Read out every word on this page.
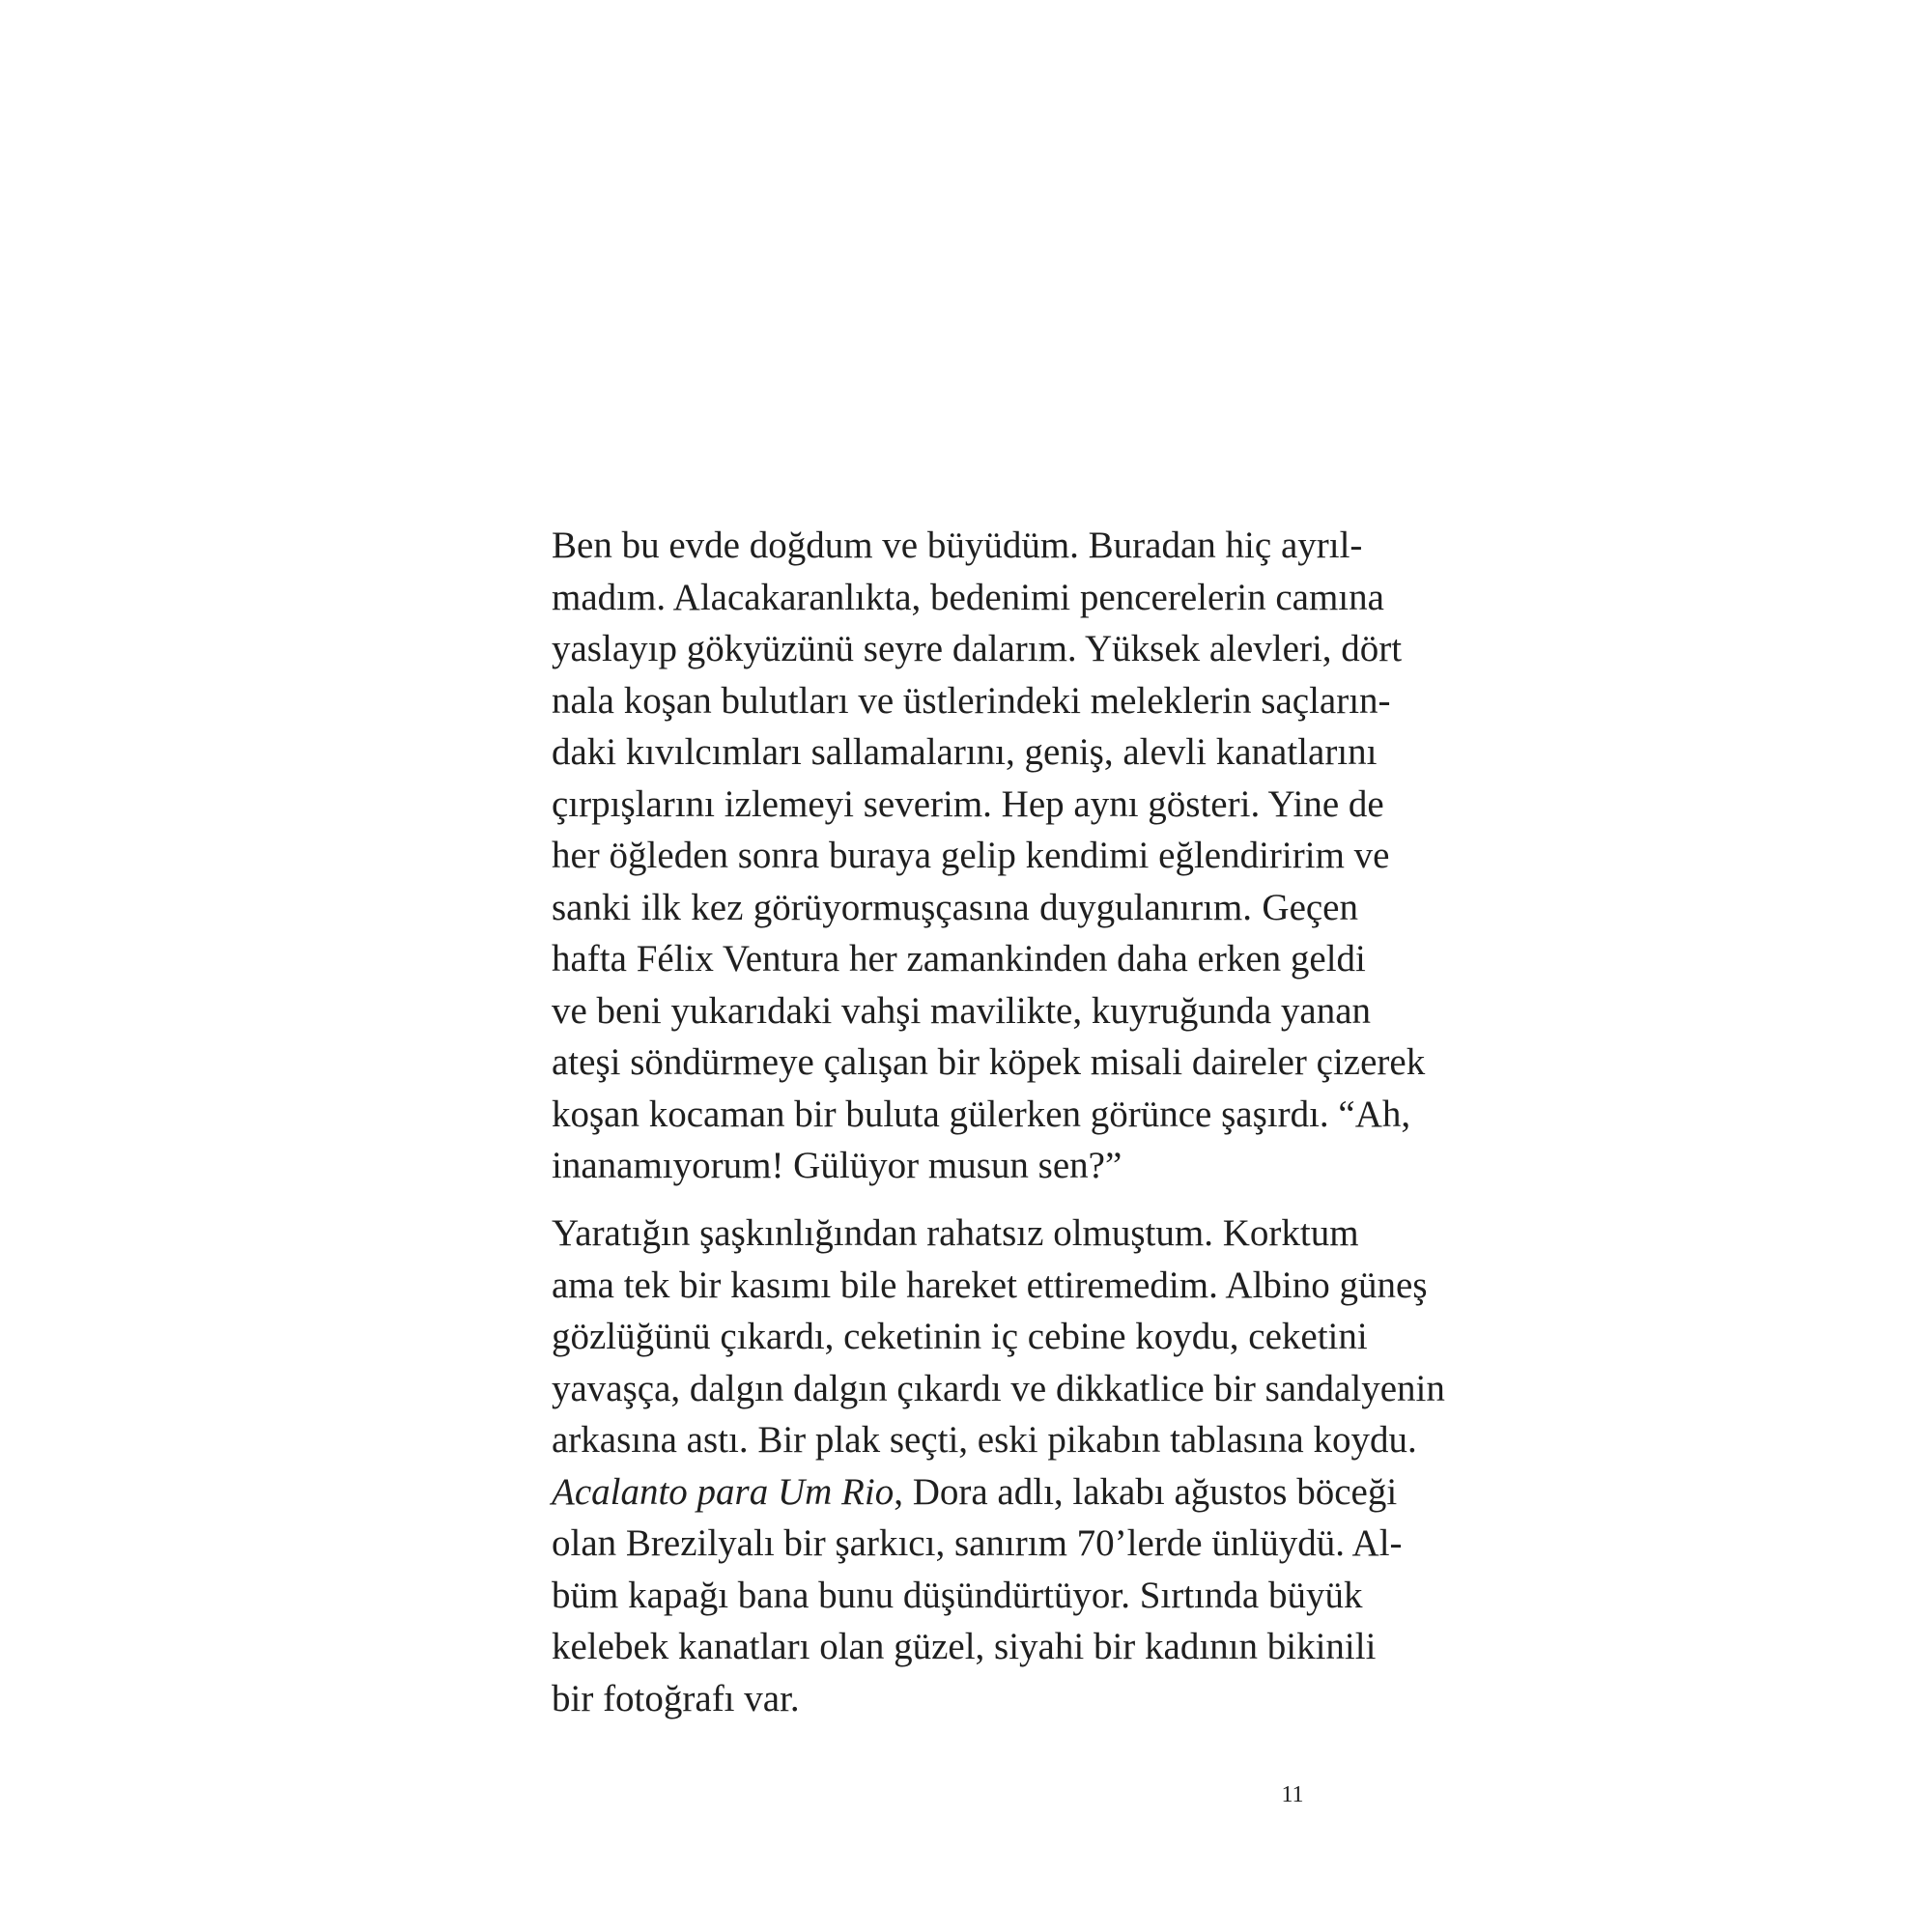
Ben bu evde doğdum ve büyüdüm. Buradan hiç ayrıl-
madım. Alacakaranlıkta, bedenimi pencerelerin camına
yaslayıp gökyüzünü seyre dalarım. Yüksek alevleri, dört
nala koşan bulutları ve üstlerindeki meleklerin saçların-
daki kıvılcımları sallamalarını, geniş, alevli kanatlarını
çırpışlarını izlemeyi severim. Hep aynı gösteri. Yine de
her öğleden sonra buraya gelip kendimi eğlendiririm ve
sanki ilk kez görüyormuşçasına duygulanırım. Geçen
hafta Félix Ventura her zamankinden daha erken geldi
ve beni yukarıdaki vahşi mavilikte, kuyruğunda yanan
ateşi söndürmeye çalışan bir köpek misali daireler çizerek
koşan kocaman bir buluta gülerken görünce şaşırdı. “Ah,
inanamıyorum! Gülüyor musun sen?”
Yaratığın şaşkınlığından rahatsız olmuştum. Korktum
ama tek bir kasımı bile hareket ettiremedim. Albino güneş
gözlüğünü çıkardı, ceketinin iç cebine koydu, ceketini
yavaşça, dalgın dalgın çıkardı ve dikkatlice bir sandalyenin
arkasına astı. Bir plak seçti, eski pikabın tablasına koydu.
Acalanto para Um Rio, Dora adlı, lakabı ağustos böceği
olan Brezilyalı bir şarkıcı, sanırım 70’lerde ünlüydü. Al-
büm kapağı bana bunu düşündürtüyor. Sırtında büyük
kelebek kanatları olan güzel, siyahi bir kadının bikinili
bir fotoğrafı var.
11
